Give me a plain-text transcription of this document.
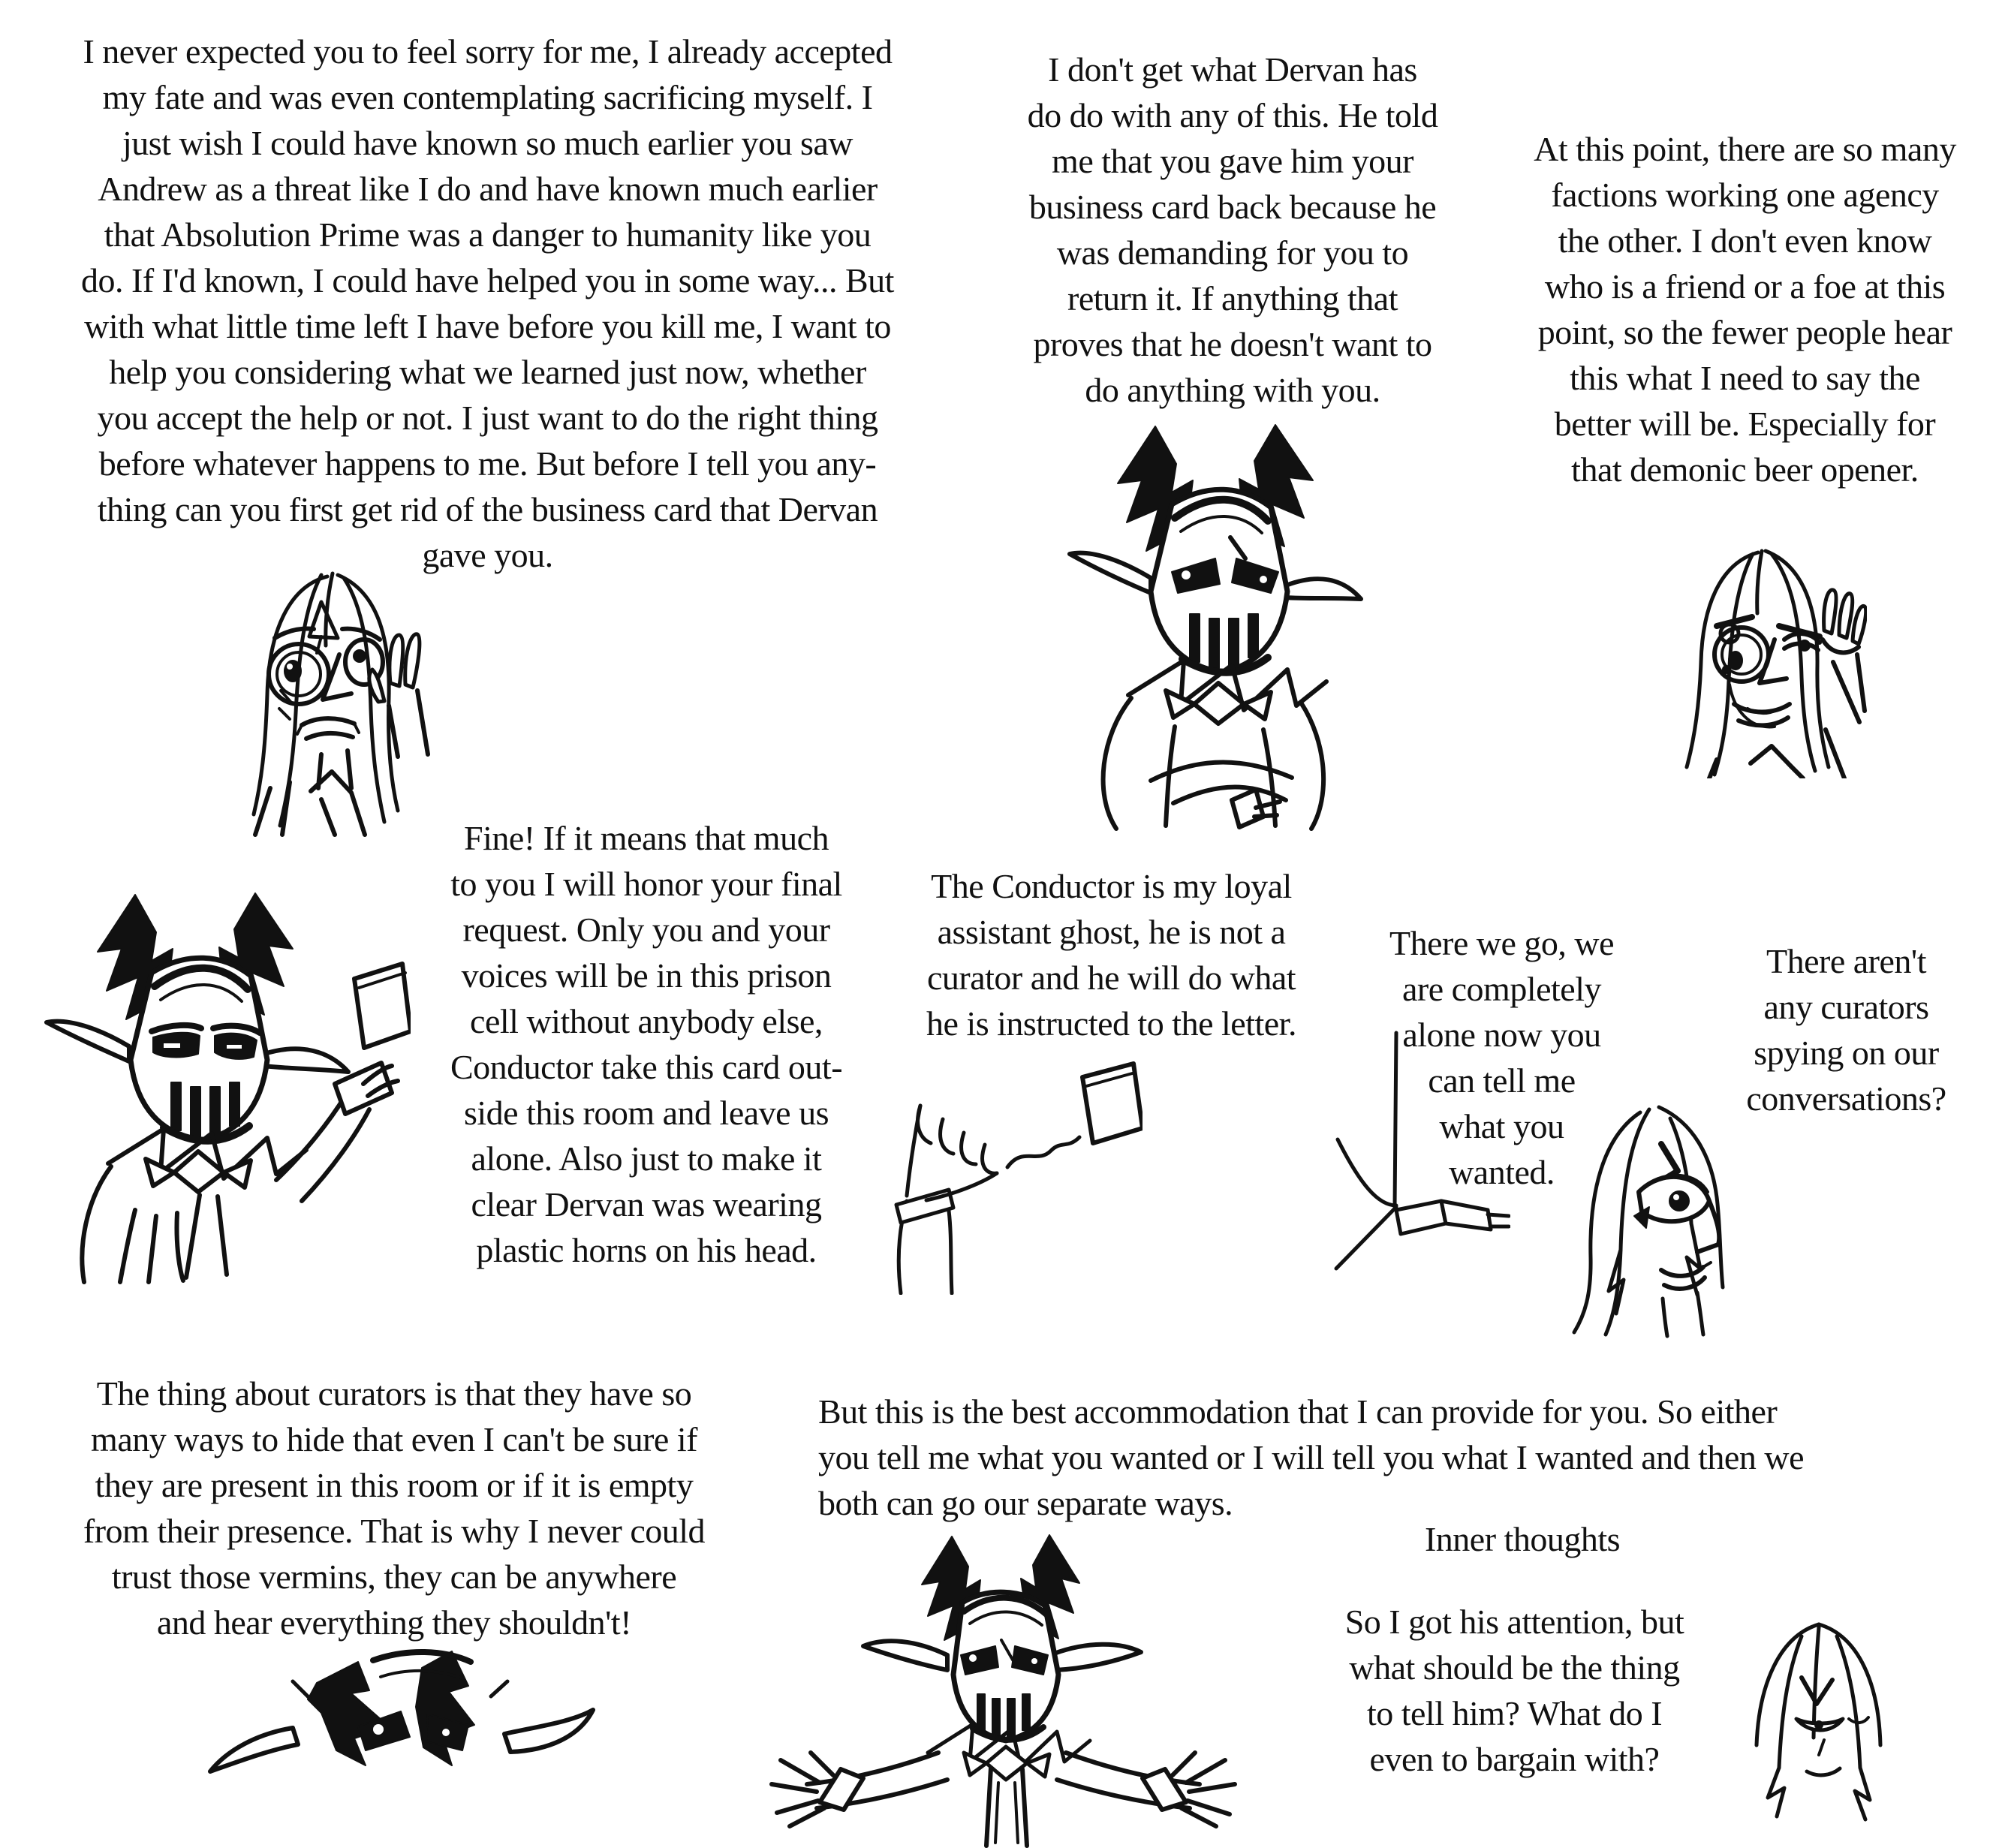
I never expected you to feel sorry for me, I already accepted
my fate and was even contemplating sacrificing myself. I
just wish I could have known so much earlier you saw
Andrew as a threat like I do and have known much earlier
that Absolution Prime was a danger to humanity like you
do. If I'd known, I could have helped you in some way... But
with what little time left I have before you kill me, I want to
help you considering what we learned just now, whether
you accept the help or not. I just want to do the right thing
before whatever happens to me. But before I tell you any-
thing can you first get rid of the business card that Dervan
gave you.
I don't get what Dervan has
do do with any of this. He told
me that you gave him your
business card back because he
was demanding for you to
return it. If anything that
proves that he doesn't want to
do anything with you.
At this point, there are so many
factions working one agency
the other. I don't even know
who is a friend or a foe at this
point, so the fewer people hear
this what I need to say the
better will be. Especially for
that demonic beer opener.
Fine! If it means that much
to you I will honor your final
request. Only you and your
voices will be in this prison
cell without anybody else,
Conductor take this card out-
side this room and leave us
alone. Also just to make it
clear Dervan was wearing
plastic horns on his head.
The Conductor is my loyal
assistant ghost, he is not a
curator and he will do what
he is instructed to the letter.
There we go, we
are completely
alone now you
can tell me
what you
wanted.
There aren't
any curators
spying on our
conversations?
The thing about curators is that they have so
many ways to hide that even I can't be sure if
they are present in this room or if it is empty
from their presence. That is why I never could
trust those vermins, they can be anywhere
and hear everything they shouldn't!
But this is the best accommodation that I can provide for you. So either
you tell me what you wanted or I will tell you what I wanted and then we
both can go our separate ways.
Inner thoughts
So I got his attention, but
what should be the thing
to tell him? What do I
even to bargain with?
